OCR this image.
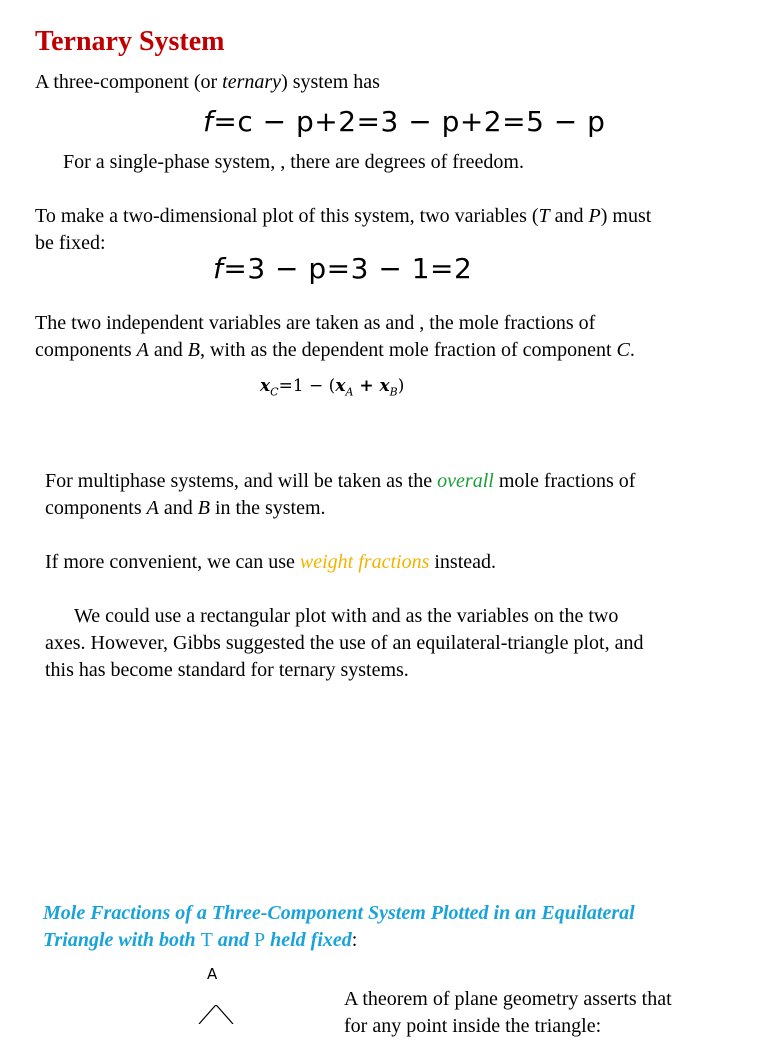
Ternary System
A three-component (or ternary) system has
f=c − p+2=3 − p+2=5 − p
For a single-phase system, , there are degrees of freedom.
To make a two-dimensional plot of this system, two variables (T and P) must
be fixed:
f=3 − p=3 − 1=2
The two independent variables are taken as and , the mole fractions of
components A and B, with as the dependent mole fraction of component C.
$x_C=1 - (x_A + x_B)$
For multiphase systems, and will be taken as the overall mole fractions of
components A and B in the system.
If more convenient, we can use weight fractions instead.
We could use a rectangular plot with and as the variables on the two
axes. However, Gibbs suggested the use of an equilateral-triangle plot, and
this has become standard for ternary systems.
Mole Fractions of a Three-Component System Plotted in an Equilateral
Triangle with both T and P held fixed:
A
A theorem of plane geometry asserts that
for any point inside the triangle:
